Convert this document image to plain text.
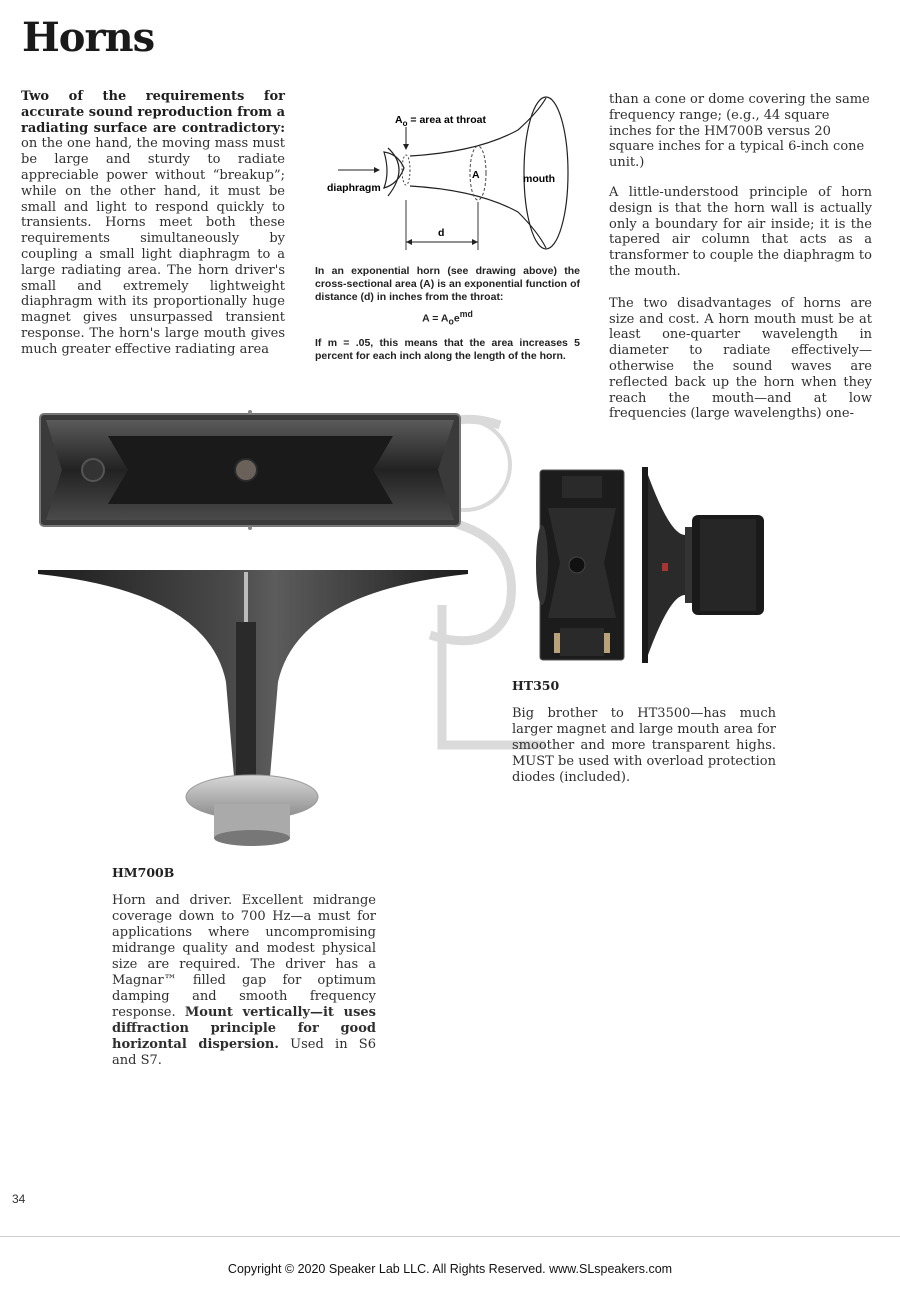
Horns

Two of the requirements for accurate sound reproduction from a radiating surface are contradictory: on the one hand, the moving mass must be large and sturdy to radiate appreciable power without “breakup”; while on the other hand, it must be small and light to respond quickly to transients. Horns meet both these requirements simultaneously by coupling a small light diaphragm to a large radiating area. The horn driver's small and extremely lightweight diaphragm with its proportionally huge magnet gives unsurpassed transient response. The horn's large mouth gives much greater effective radiating area

$A_o$ = area at throat
diaphragm
A	mouth
d
In an exponential horn (see drawing above) the cross-sectional area (A) is an exponential function of distance (d) in inches from the throat:
$A = A_oe^{md}$
If m = .05, this means that the area increases 5 percent for each inch along the length of the horn.

than a cone or dome covering the same frequency range; (e.g., 44 square inches for the HM700B versus 20 square inches for a typical 6-inch cone unit.)

A little-understood principle of horn design is that the horn wall is actually only a boundary for air inside; it is the tapered air column that acts as a transformer to couple the diaphragm to the mouth.

The two disadvantages of horns are size and cost. A horn mouth must be at least one-quarter wavelength in diameter to radiate effectively—otherwise the sound waves are reflected back up the horn when they reach the mouth—and at low frequencies (large wavelengths) one-

HT350
Big brother to HT3500—has much larger magnet and large mouth area for smoother and more transparent highs. MUST be used with overload protection diodes (included).
HM700B
Horn and driver. Excellent midrange coverage down to 700 Hz—a must for applications where uncompromising midrange quality and modest physical size are required. The driver has a Magnar™ filled gap for optimum damping and smooth frequency response. Mount vertically—it uses diffraction principle for good horizontal dispersion. Used in S6 and S7.
34
Copyright © 2020 Speaker Lab LLC. All Rights Reserved. www.SLspeakers.com
